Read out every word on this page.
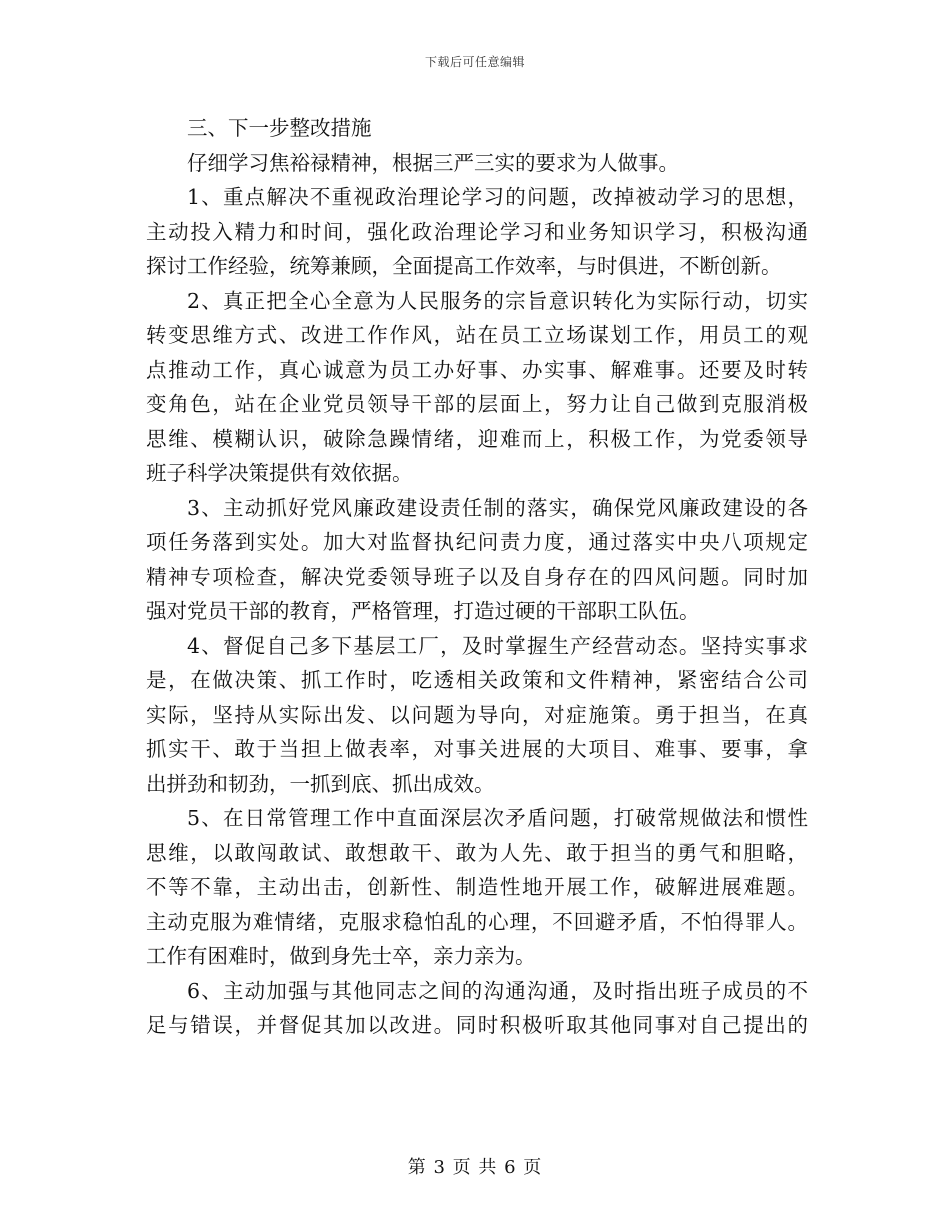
下载后可任意编辑
三、下一步整改措施
仔细学习焦裕禄精神，根据三严三实的要求为人做事。
1、重点解决不重视政治理论学习的问题，改掉被动学习的思想，
主动投入精力和时间，强化政治理论学习和业务知识学习，积极沟通
探讨工作经验，统筹兼顾，全面提高工作效率，与时俱进，不断创新。
2、真正把全心全意为人民服务的宗旨意识转化为实际行动，切实
转变思维方式、改进工作作风，站在员工立场谋划工作，用员工的观
点推动工作，真心诚意为员工办好事、办实事、解难事。还要及时转
变角色，站在企业党员领导干部的层面上，努力让自己做到克服消极
思维、模糊认识，破除急躁情绪，迎难而上，积极工作，为党委领导
班子科学决策提供有效依据。
3、主动抓好党风廉政建设责任制的落实，确保党风廉政建设的各
项任务落到实处。加大对监督执纪问责力度，通过落实中央八项规定
精神专项检查，解决党委领导班子以及自身存在的四风问题。同时加
强对党员干部的教育，严格管理，打造过硬的干部职工队伍。
4、督促自己多下基层工厂，及时掌握生产经营动态。坚持实事求
是，在做决策、抓工作时，吃透相关政策和文件精神，紧密结合公司
实际，坚持从实际出发、以问题为导向，对症施策。勇于担当，在真
抓实干、敢于当担上做表率，对事关进展的大项目、难事、要事，拿
出拼劲和韧劲，一抓到底、抓出成效。
5、在日常管理工作中直面深层次矛盾问题，打破常规做法和惯性
思维，以敢闯敢试、敢想敢干、敢为人先、敢于担当的勇气和胆略，
不等不靠，主动出击，创新性、制造性地开展工作，破解进展难题。
主动克服为难情绪，克服求稳怕乱的心理，不回避矛盾，不怕得罪人。
工作有困难时，做到身先士卒，亲力亲为。
6、主动加强与其他同志之间的沟通沟通，及时指出班子成员的不
足与错误，并督促其加以改进。同时积极听取其他同事对自己提出的
第 3 页 共 6 页
